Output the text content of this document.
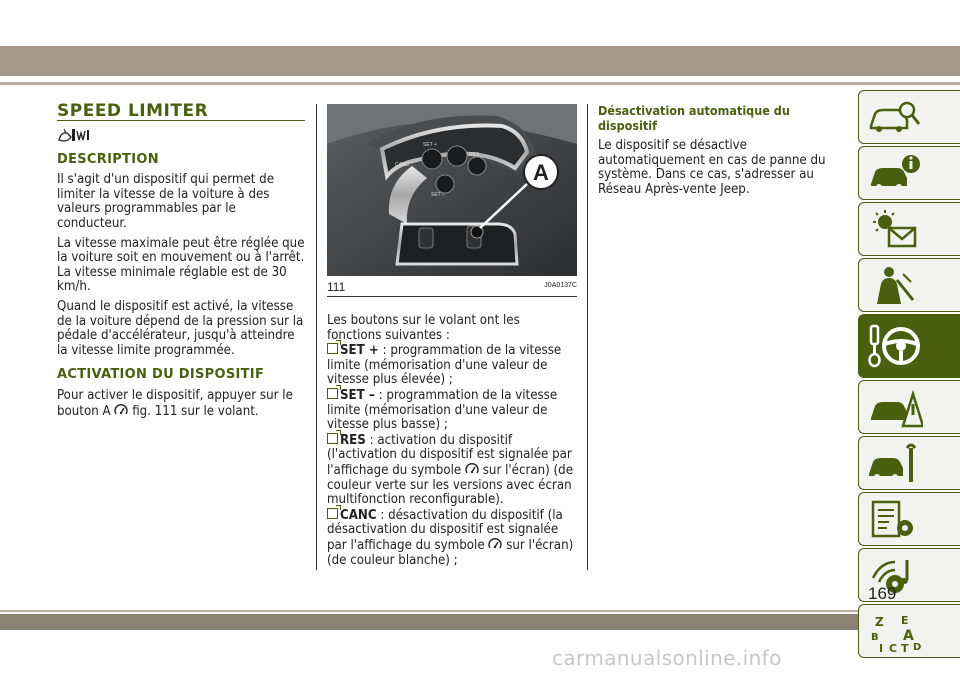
SPEED LIMITER
DESCRIPTION

Il s'agit d'un dispositif qui permet de limiter la vitesse de la voiture à des valeurs programmables par le conducteur.

La vitesse maximale peut être réglée que la voiture soit en mouvement ou à l'arrêt. La vitesse minimale réglable est de 30 km/h.

Quand le dispositif est activé, la vitesse de la voiture dépend de la pression sur la pédale d'accélérateur, jusqu'à atteindre la vitesse limite programmée.

ACTIVATION DU DISPOSITIF

Pour activer le dispositif, appuyer sur le bouton A fig. 111 sur le volant.

SET +
CANC
RES
SET –
A
111	J0A0137C

Les boutons sur le volant ont les fonctions suivantes :

SET + : programmation de la vitesse limite (mémorisation d'une valeur de vitesse plus élevée) ;
SET – : programmation de la vitesse limite (mémorisation d'une valeur de vitesse plus basse) ;
RES : activation du dispositif (l'activation du dispositif est signalée par l'affichage du symbole sur l'écran) (de couleur verte sur les versions avec écran multifonction reconfigurable).
CANC : désactivation du dispositif (la désactivation du dispositif est signalée par l'affichage du symbole sur l'écran) (de couleur blanche) ;
Désactivation automatique du dispositif

Le dispositif se désactive automatiquement en cas de panne du système. Dans ce cas, s'adresser au Réseau Après-vente Jeep.

Z E
B A
I C T D
169
carmanualsonline.info
